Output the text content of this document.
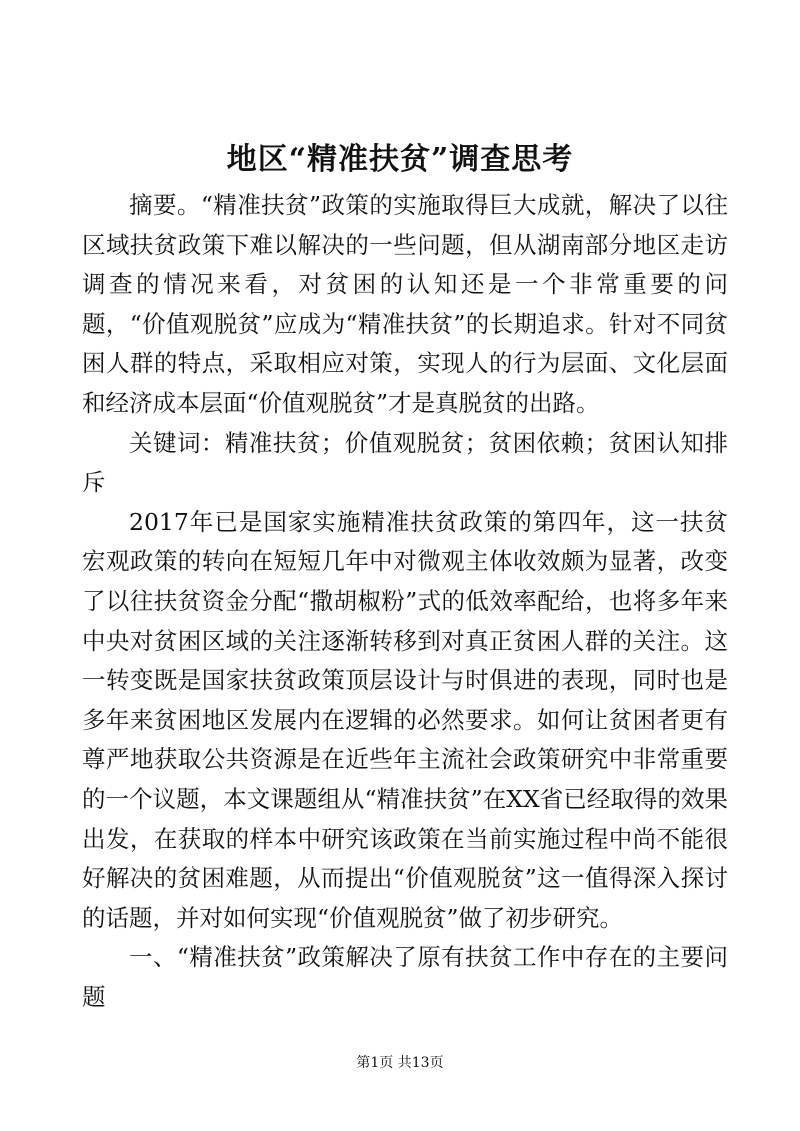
地区“精准扶贫”调查思考

摘要。“精准扶贫”政策的实施取得巨大成就，解决了以往区域扶贫政策下难以解决的一些问题，但从湖南部分地区走访调查的情况来看，对贫困的认知还是一个非常重要的问题，“价值观脱贫”应成为“精准扶贫”的长期追求。针对不同贫困人群的特点，采取相应对策，实现人的行为层面、文化层面和经济成本层面“价值观脱贫”才是真脱贫的出路。

关键词：精准扶贫；价值观脱贫；贫困依赖；贫困认知排斥

2017年已是国家实施精准扶贫政策的第四年，这一扶贫宏观政策的转向在短短几年中对微观主体收效颇为显著，改变了以往扶贫资金分配“撒胡椒粉”式的低效率配给，也将多年来中央对贫困区域的关注逐渐转移到对真正贫困人群的关注。这一转变既是国家扶贫政策顶层设计与时俱进的表现，同时也是多年来贫困地区发展内在逻辑的必然要求。如何让贫困者更有尊严地获取公共资源是在近些年主流社会政策研究中非常重要的一个议题，本文课题组从“精准扶贫”在XX省已经取得的效果出发，在获取的样本中研究该政策在当前实施过程中尚不能很好解决的贫困难题，从而提出“价值观脱贫”这一值得深入探讨的话题，并对如何实现“价值观脱贫”做了初步研究。

一、“精准扶贫”政策解决了原有扶贫工作中存在的主要问题

第1页 共13页
